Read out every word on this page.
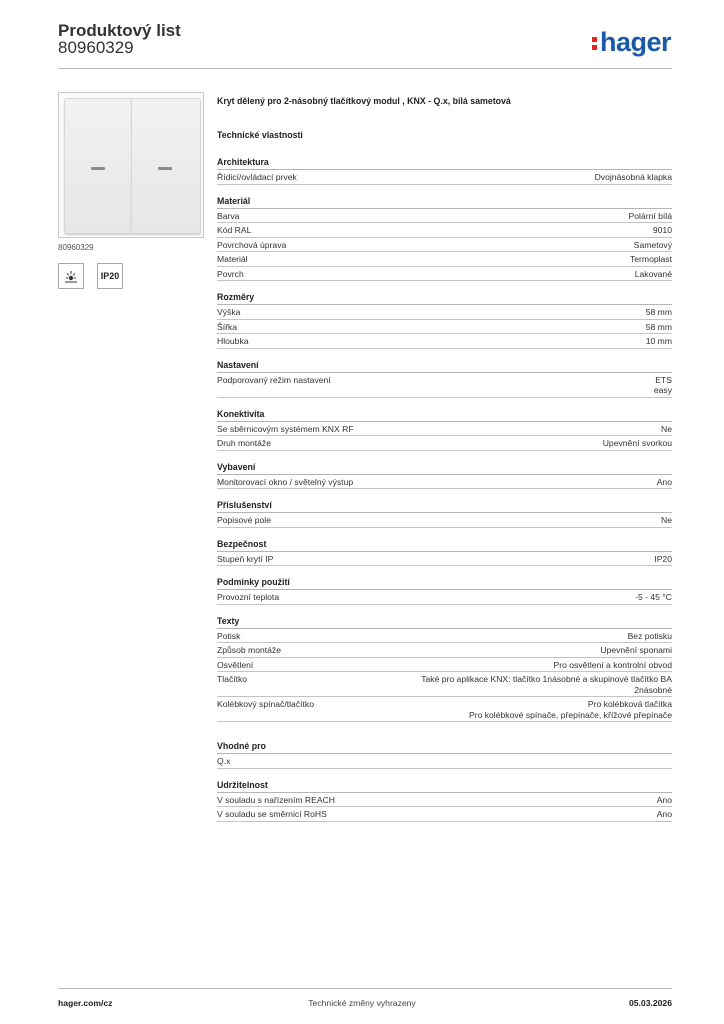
Produktový list
80960329	hager
80960329
IP20
Kryt dělený pro 2-násobný tlačítkový modul , KNX - Q.x, bílá sametová
Technické vlastnosti
Architektura
Řídicí/ovládací prvek	Dvojnásobná klapka
Materiál
Barva	Polární bílá
Kód RAL	9010
Povrchová úprava	Sametový
Materiál	Termoplast
Povrch	Lakované
Rozměry
Výška	58 mm
Šířka	58 mm
Hloubka	10 mm
Nastavení
Podporovaný režim nastavení	ETS
easy
Konektivita
Se sběrnicovým systémem KNX RF	Ne
Druh montáže	Upevnění svorkou
Vybavení
Monitorovací okno / světelný výstup	Ano
Příslušenství
Popisové pole	Ne
Bezpečnost
Stupeň krytí IP	IP20
Podmínky použití
Provozní teplota	-5 - 45 °C
Texty
Potisk	Bez potisku
Způsob montáže	Upevnění sponami
Osvětlení	Pro osvětlení a kontrolní obvod
Tlačítko	Také pro aplikace KNX: tlačítko 1násobné a skupinové tlačítko BA 2násobné
Kolébkový spínač/tlačítko	Pro kolébková tlačítka
Pro kolébkové spínače, přepínače, křížové přepínače
Vhodné pro
Q.x
Udržitelnost
V souladu s nařízením REACH	Ano
V souladu se směrnicí RoHS	Ano
hager.com/cz	Technické změny vyhrazeny	05.03.2026
